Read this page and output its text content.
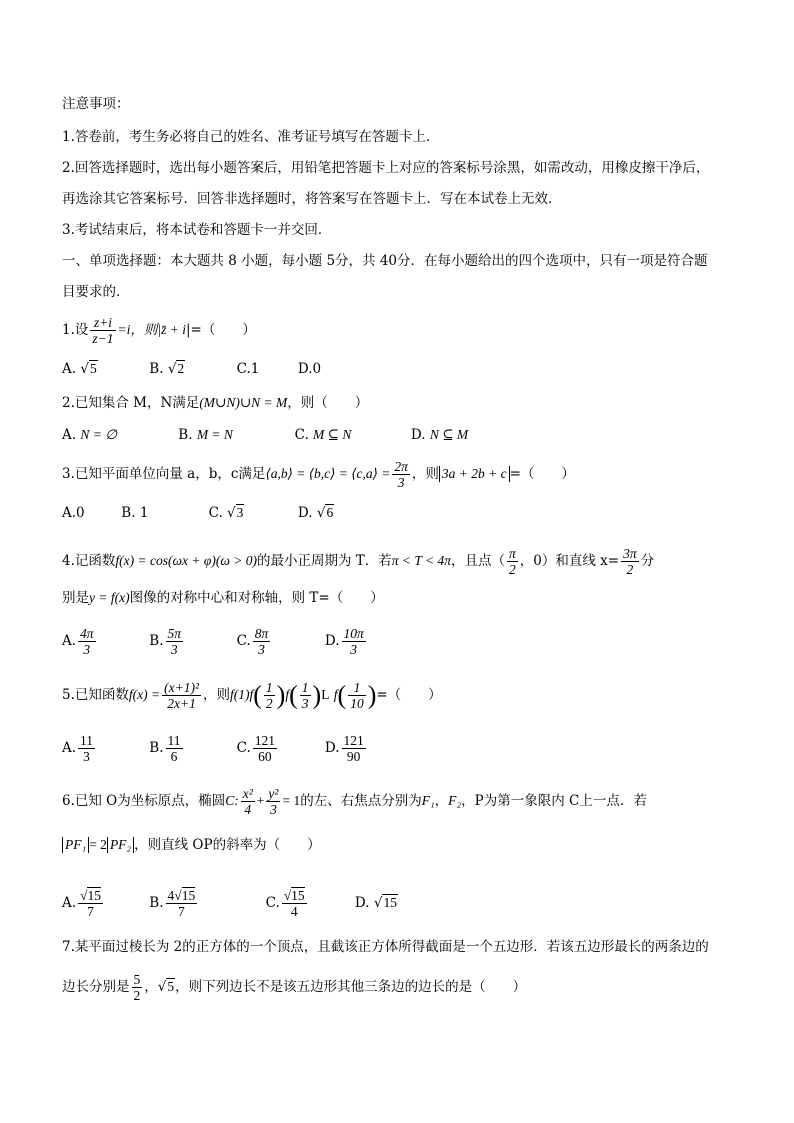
注意事项：
1.答卷前，考生务必将自己的姓名、准考证号填写在答题卡上．
2.回答选择题时，选出每小题答案后，用铅笔把答题卡上对应的答案标号涂黑，如需改动，用橡皮擦干净后，
再选涂其它答案标号．回答非选择题时，将答案写在答题卡上．写在本试卷上无效．
3.考试结束后，将本试卷和答题卡一并交回．
一、单项选择题：本大题共 8 小题，每小题 5分，共 40分．在每小题给出的四个选项中，只有一项是符合题
目要求的．
1.设 $\frac{z+i}{z-1} =i$，则|z̄ + i|=（　　）
A. √5	B. √2	C.1	D.0
2.已知集合 M，N满足(M∪N)∪N = M，则（　　）
A. N = ∅	B. M = N	C. M ⊆ N	D. N ⊆ M
3.已知平面单位向量 a，b，c满足⟨a,b⟩ = ⟨b,c⟩ = ⟨c,a⟩ = $\frac{2\pi}{3}$ ，则 3a + 2b + c =（　　）
A.0	B. 1	C. √3	D. √6
4.记函数f(x) = cos(ωx + φ)(ω > 0)的最小正周期为 T．若π < T < 4π，且点（ $\frac{\pi}{2}$ ，0）和直线 $x= \frac{3\pi}{2}$ 分
别是y = f(x)图像的对称中心和对称轴，则 T=（　　）
A. $\frac{4\pi}{3}$	B. $\frac{5\pi}{3}$	C. $\frac{8\pi}{3}$	D. $\frac{10\pi}{3}$
5.已知函数$f(x) = \frac{\text{(x+1)²}}{2x+1}$ ，则$f(1)f( \frac{1}{2} )f( \frac{1}{3} )L$ $f( \frac{1}{10}$ )=（　　）
A. $\frac{11}{3}$	B. $\frac{11}{6}$	C. $\frac{121}{60}$	D. $\frac{121}{90}$
6.已知 O为坐标原点，椭圆C: $\frac{\text{x²}}{4} + \frac{\text{y²}}{3} = 1$的左、右焦点分别为F₁，F₂，P为第一象限内 C上一点．若
PF₁ = 2 PF₂ ，则直线 OP的斜率为（　　）
A. $\frac{√15}{7}$	B. $\frac{4√15}{7}$	C. $\frac{√15}{4}$	D. √15
7.某平面过棱长为 2的正方体的一个顶点，且截该正方体所得截面是一个五边形．若该五边形最长的两条边的
边长分别是 $\frac{5}{2}$ ，√5，则下列边长不是该五边形其他三条边的边长的是（　　）
